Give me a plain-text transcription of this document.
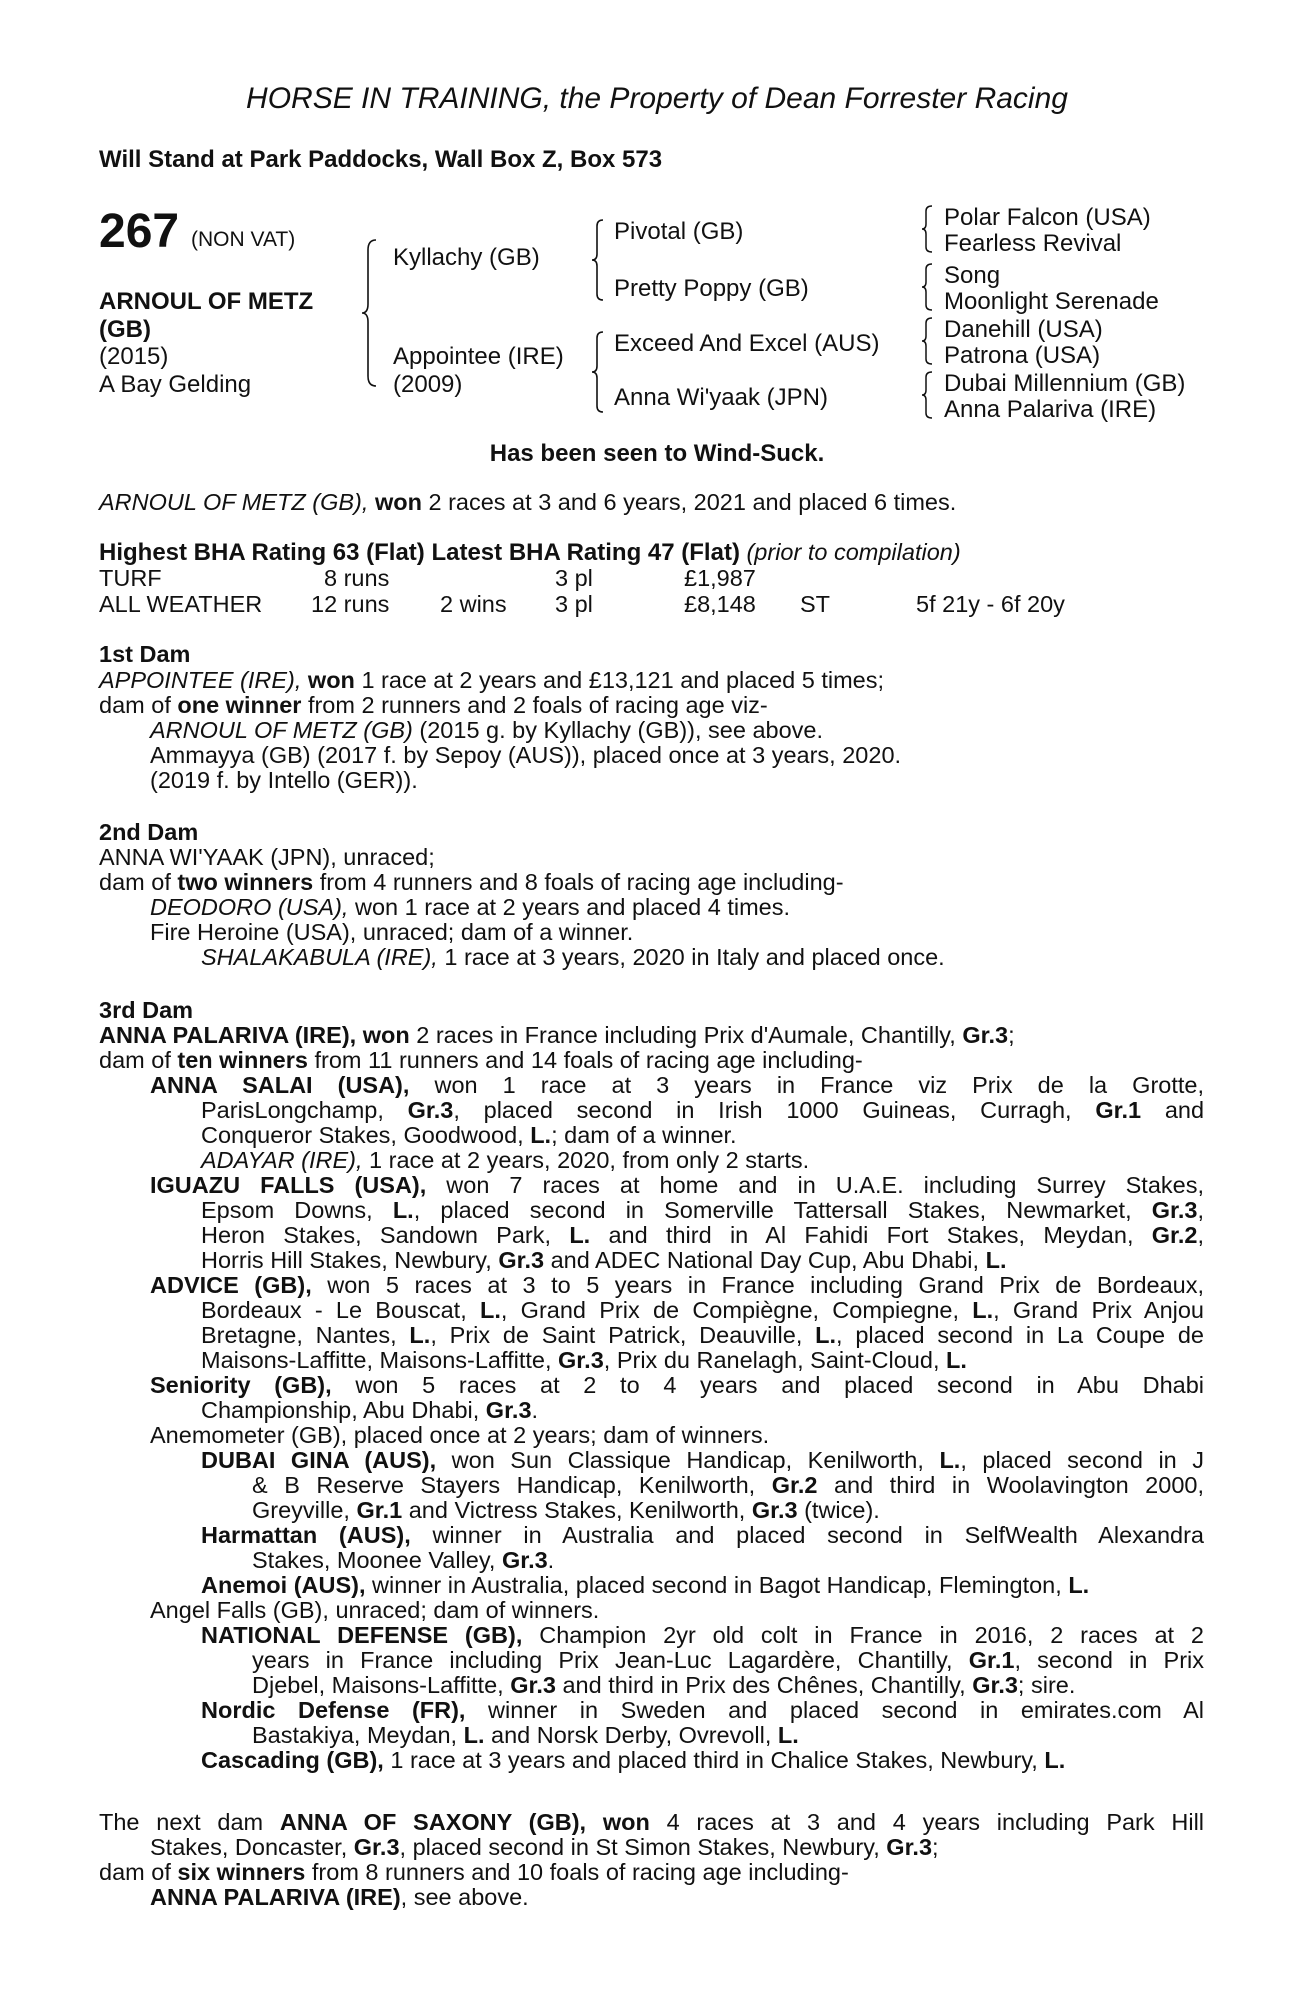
HORSE IN TRAINING, the Property of Dean Forrester Racing
Will Stand at Park Paddocks, Wall Box Z, Box 573
267 (NON VAT)
ARNOUL OF METZ
(GB)
(2015)
A Bay Gelding
Kyllachy (GB)
Appointee (IRE)
(2009)
Pivotal (GB)
Pretty Poppy (GB)
Exceed And Excel (AUS)
Anna Wi'yaak (JPN)
Polar Falcon (USA)
Fearless Revival
Song
Moonlight Serenade
Danehill (USA)
Patrona (USA)
Dubai Millennium (GB)
Anna Palariva (IRE)
Has been seen to Wind-Suck.
ARNOUL OF METZ (GB), won 2 races at 3 and 6 years, 2021 and placed 6 times.
Highest BHA Rating 63 (Flat) Latest BHA Rating 47 (Flat) (prior to compilation)
TURF	8 runs	3 pl	£1,987
ALL WEATHER 12 runs 2 wins 3 pl	£8,148 ST	5f 21y - 6f 20y
1st Dam
APPOINTEE (IRE), won 1 race at 2 years and £13,121 and placed 5 times;
dam of one winner from 2 runners and 2 foals of racing age viz-
ARNOUL OF METZ (GB) (2015 g. by Kyllachy (GB)), see above.
Ammayya (GB) (2017 f. by Sepoy (AUS)), placed once at 3 years, 2020.
(2019 f. by Intello (GER)).
2nd Dam
ANNA WI'YAAK (JPN), unraced;
dam of two winners from 4 runners and 8 foals of racing age including-
DEODORO (USA), won 1 race at 2 years and placed 4 times.
Fire Heroine (USA), unraced; dam of a winner.
SHALAKABULA (IRE), 1 race at 3 years, 2020 in Italy and placed once.
3rd Dam
ANNA PALARIVA (IRE), won 2 races in France including Prix d'Aumale, Chantilly, Gr.3;
dam of ten winners from 11 runners and 14 foals of racing age including-
ANNA SALAI (USA), won 1 race at 3 years in France viz Prix de la Grotte,
ParisLongchamp, Gr.3, placed second in Irish 1000 Guineas, Curragh, Gr.1 and
Conqueror Stakes, Goodwood, L.; dam of a winner.
ADAYAR (IRE), 1 race at 2 years, 2020, from only 2 starts.
IGUAZU FALLS (USA), won 7 races at home and in U.A.E. including Surrey Stakes,
Epsom Downs, L., placed second in Somerville Tattersall Stakes, Newmarket, Gr.3,
Heron Stakes, Sandown Park, L. and third in Al Fahidi Fort Stakes, Meydan, Gr.2,
Horris Hill Stakes, Newbury, Gr.3 and ADEC National Day Cup, Abu Dhabi, L.
ADVICE (GB), won 5 races at 3 to 5 years in France including Grand Prix de Bordeaux,
Bordeaux - Le Bouscat, L., Grand Prix de Compiègne, Compiegne, L., Grand Prix Anjou
Bretagne, Nantes, L., Prix de Saint Patrick, Deauville, L., placed second in La Coupe de
Maisons-Laffitte, Maisons-Laffitte, Gr.3, Prix du Ranelagh, Saint-Cloud, L.
Seniority (GB), won 5 races at 2 to 4 years and placed second in Abu Dhabi
Championship, Abu Dhabi, Gr.3.
Anemometer (GB), placed once at 2 years; dam of winners.
DUBAI GINA (AUS), won Sun Classique Handicap, Kenilworth, L., placed second in J
& B Reserve Stayers Handicap, Kenilworth, Gr.2 and third in Woolavington 2000,
Greyville, Gr.1 and Victress Stakes, Kenilworth, Gr.3 (twice).
Harmattan (AUS), winner in Australia and placed second in SelfWealth Alexandra
Stakes, Moonee Valley, Gr.3.
Anemoi (AUS), winner in Australia, placed second in Bagot Handicap, Flemington, L.
Angel Falls (GB), unraced; dam of winners.
NATIONAL DEFENSE (GB), Champion 2yr old colt in France in 2016, 2 races at 2
years in France including Prix Jean-Luc Lagardère, Chantilly, Gr.1, second in Prix
Djebel, Maisons-Laffitte, Gr.3 and third in Prix des Chênes, Chantilly, Gr.3; sire.
Nordic Defense (FR), winner in Sweden and placed second in emirates.com Al
Bastakiya, Meydan, L. and Norsk Derby, Ovrevoll, L.
Cascading (GB), 1 race at 3 years and placed third in Chalice Stakes, Newbury, L.
The next dam ANNA OF SAXONY (GB), won 4 races at 3 and 4 years including Park Hill
Stakes, Doncaster, Gr.3, placed second in St Simon Stakes, Newbury, Gr.3;
dam of six winners from 8 runners and 10 foals of racing age including-
ANNA PALARIVA (IRE), see above.
